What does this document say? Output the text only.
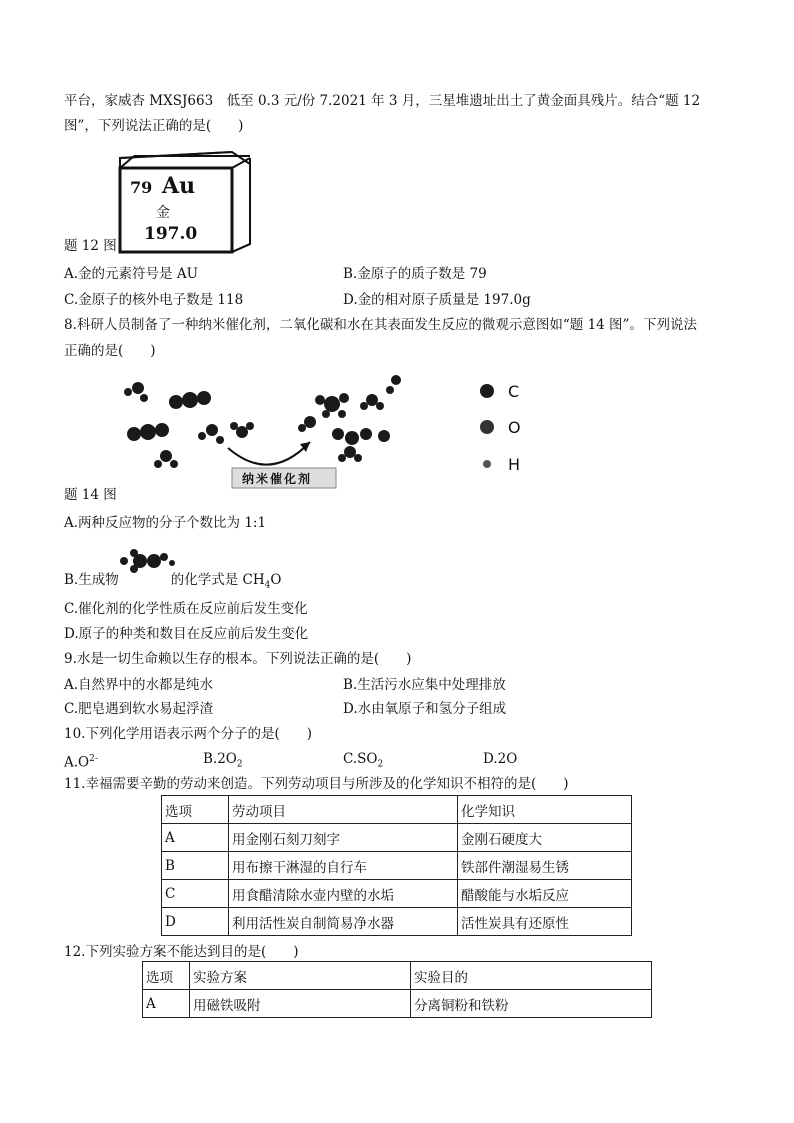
平台，家威杏 MXSJ663　低至 0.3 元/份 7.2021 年 3 月，三星堆遗址出土了黄金面具残片。结合“题 12
图”，下列说法正确的是(　　)
79 Au
金
197.0
题 12 图
A.金的元素符号是 AU	B.金原子的质子数是 79
C.金原子的核外电子数是 118	D.金的相对原子质量是 197.0g
8.科研人员制备了一种纳米催化剂，二氧化碳和水在其表面发生反应的微观示意图如“题 14 图”。下列说法
正确的是(　　)
纳米催化剂
C
O
H
题 14 图
A.两种反应物的分子个数比为 1:1
B.生成物	的化学式是 $CH_4O$
C.催化剂的化学性质在反应前后发生变化
D.原子的种类和数目在反应前后发生变化
9.水是一切生命赖以生存的根本。下列说法正确的是(　　)
A.自然界中的水都是纯水	B.生活污水应集中处理排放
C.肥皂遇到软水易起浮渣	D.水由氧原子和氢分子组成
10.下列化学用语表示两个分子的是(　　)
$A.O^{2-}$	$B.2O_2$	$C.SO_2$	D.2O
11.幸福需要辛勤的劳动来创造。下列劳动项目与所涉及的化学知识不相符的是(　　)
选项	劳动项目	化学知识
A	用金刚石刻刀刻字	金刚石硬度大
B	用布擦干淋湿的自行车	铁部件潮湿易生锈
C	用食醋清除水壶内壁的水垢	醋酸能与水垢反应
D	利用活性炭自制简易净水器	活性炭具有还原性
12.下列实验方案不能达到目的是(　　)
选项	实验方案	实验目的
A	用磁铁吸附	分离铜粉和铁粉
